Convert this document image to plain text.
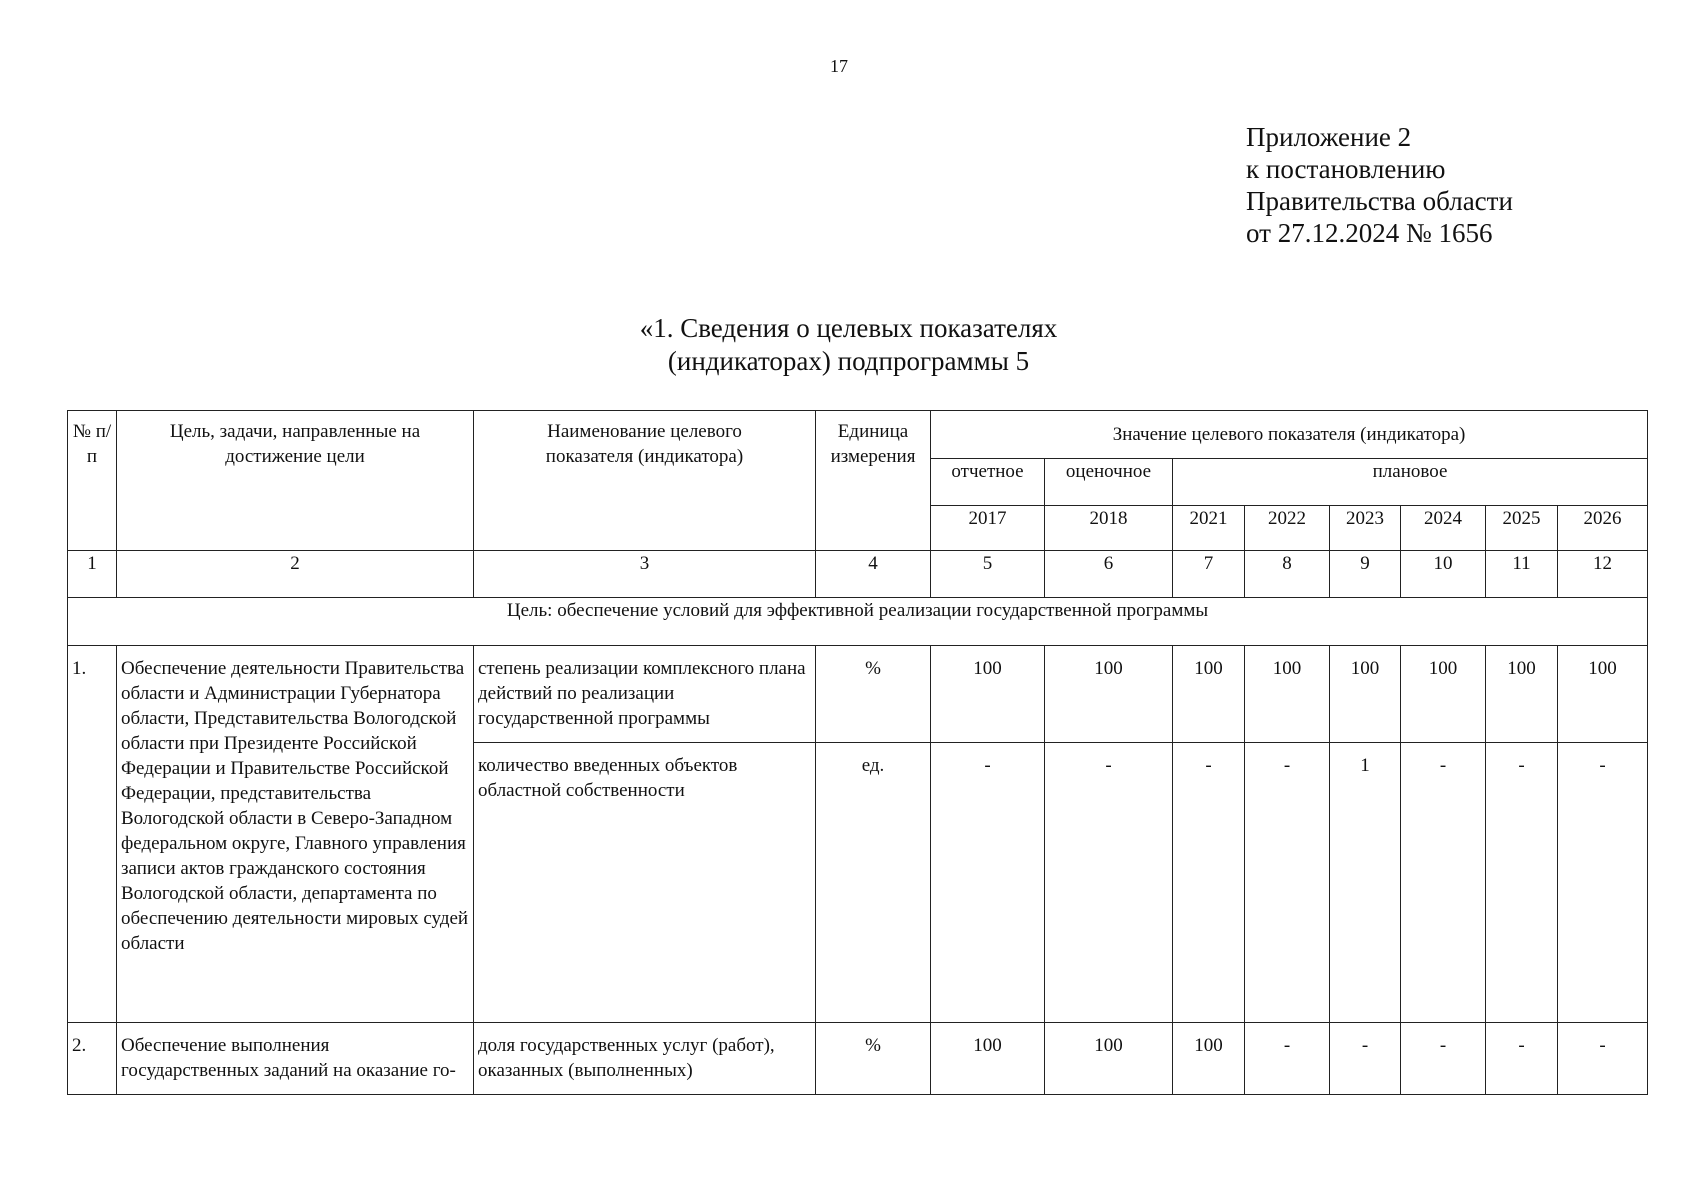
17
Приложение 2
к постановлению
Правительства области
от 27.12.2024 № 1656
«1. Сведения о целевых показателях
(индикаторах) подпрограммы 5
№ п/п	Цель, задачи, направленные на достижение цели	Наименование целевого показателя (индикатора)	Единица измерения	Значение целевого показателя (индикатора)							
				отчетное	оценочное	плановое					
				2017	2018	2021	2022	2023	2024	2025	2026
1	2	3	4	5	6	7	8	9	10	11	12
Цель: обеспечение условий для эффективной реализации государственной программы											
1.	Обеспечение деятельности Правительства области и Администрации Губернатора области, Представительства Вологодской области при Президенте Российской Федерации и Правительстве Российской Федерации, представительства Вологодской области в Северо-Западном федеральном округе, Главного управления записи актов гражданского состояния Вологодской области, департамента по обеспечению деятельности мировых судей области	степень реализации комплексного плана действий по реализации государственной программы	%	100	100	100	100	100	100	100	100
		количество введенных объектов областной собственности	ед.	-	-	-	-	1	-	-	-
2.	Обеспечение выполнения государственных заданий на оказание го-	доля государственных услуг (работ), оказанных (выполненных)	%	100	100	100	-	-	-	-	-
